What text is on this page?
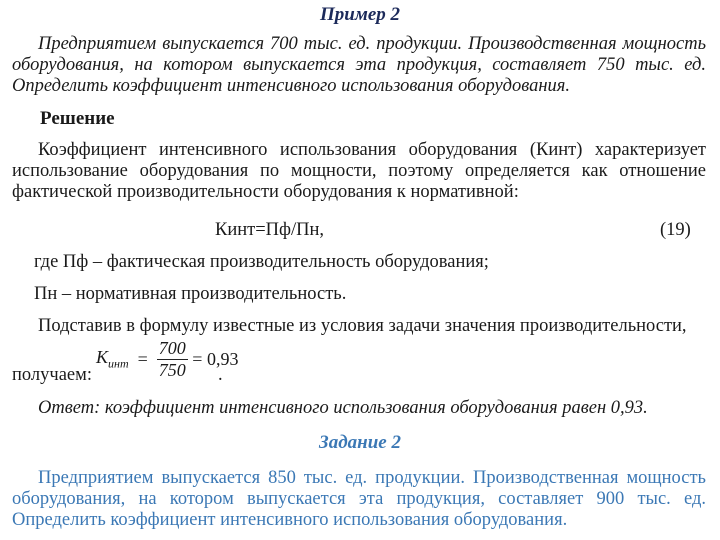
Пример 2
Предприятием выпускается 700 тыс. ед. продукции. Производственная мощность оборудования, на котором выпускается эта продукция, составляет 750 тыс. ед. Определить коэффициент интенсивного использования оборудования.
Решение
Коэффициент интенсивного использования оборудования (Кинт) характеризует использование оборудования по мощности, поэтому определяется как отношение фактической производительности оборудования к нормативной:
Кинт=Пф/Пн,	(19)
где Пф – фактическая производительность оборудования;
Пн – нормативная производительность.
Подставив в формулу известные из условия задачи значения производительности,
получаем:
$K_{инт} = \frac{700}{750} = 0,93$
.
Ответ: коэффициент интенсивного использования оборудования равен 0,93.
Задание 2
Предприятием выпускается 850 тыс. ед. продукции. Производственная мощность оборудования, на котором выпускается эта продукция, составляет 900 тыс. ед. Определить коэффициент интенсивного использования оборудования.
